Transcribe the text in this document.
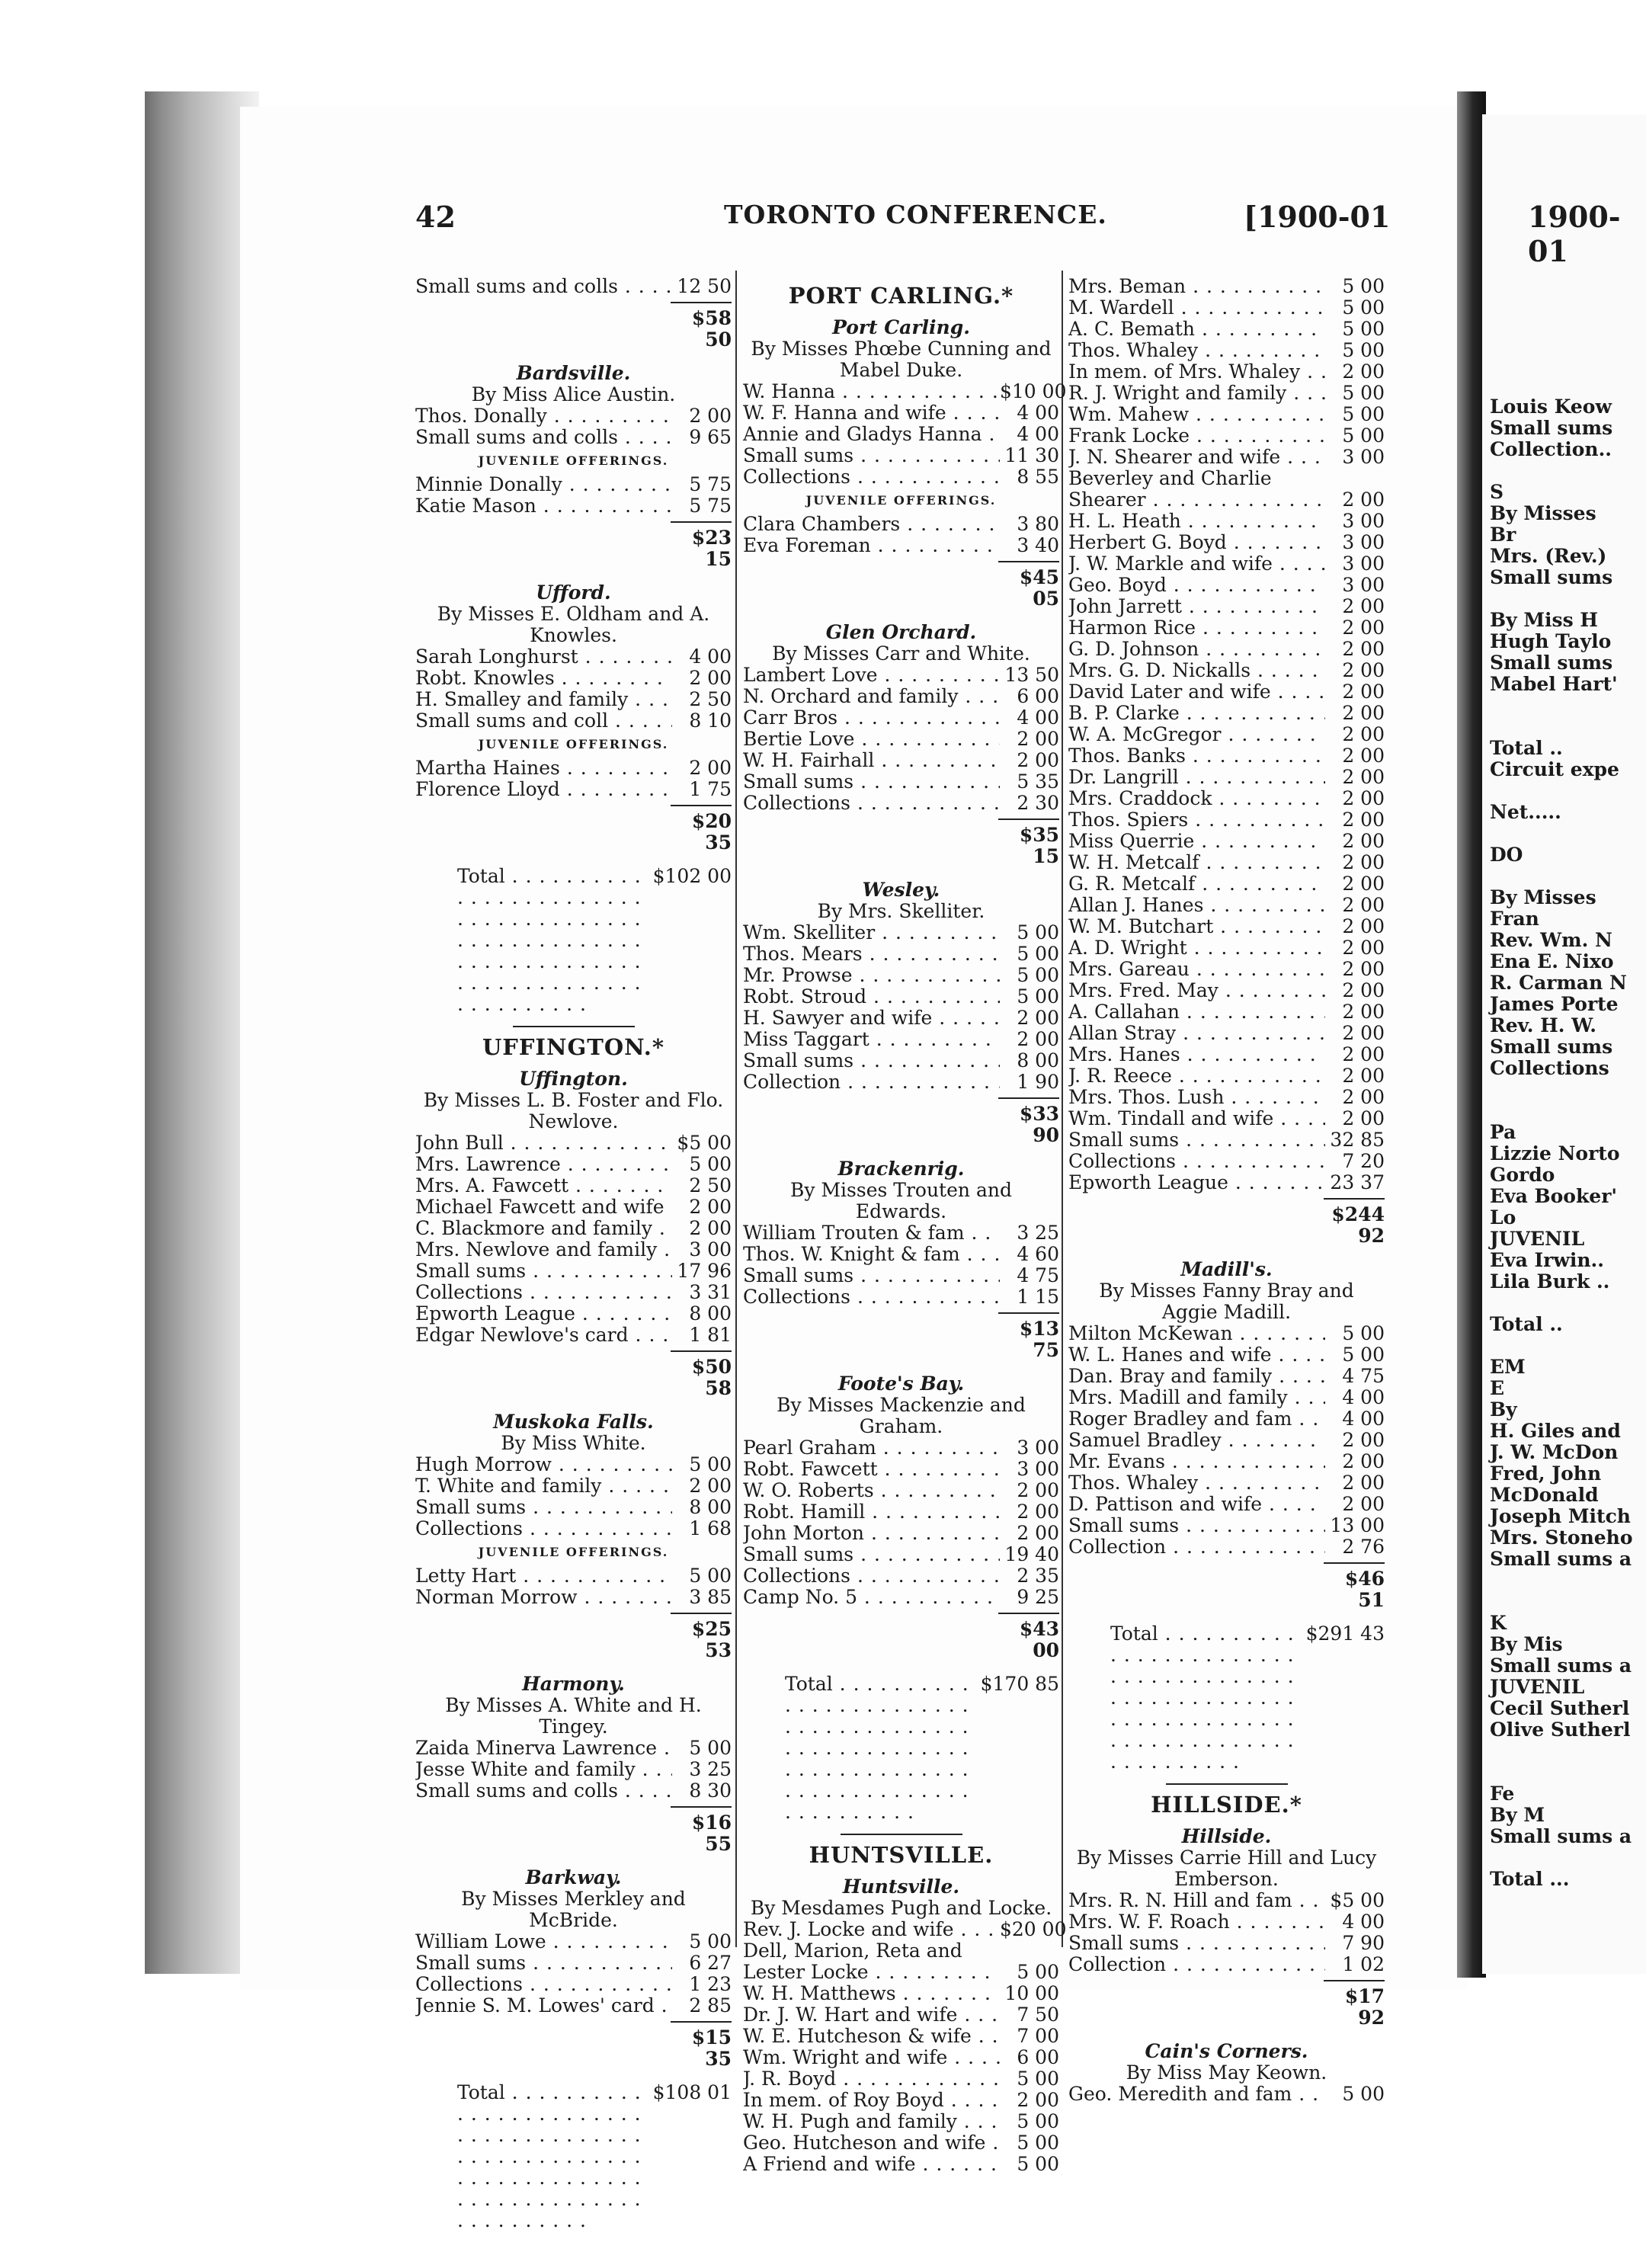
1900-01
Louis Keow
Small sums
Collection..

S
By Misses
Br
Mrs. (Rev.)
Small sums

By Miss H
Hugh Taylo
Small sums
Mabel Hart'

Total ..
Circuit expe

Net.....

DO

By Misses
Fran
Rev. Wm. N
Ena E. Nixo
R. Carman N
James Porte
Rev. H. W.
Small sums
Collections

Pa
Lizzie Norto
Gordo
Eva Booker'
Lo
JUVENIL
Eva Irwin..
Lila Burk ..

Total ..

EM
E
By
H. Giles and
J. W. McDon
Fred, John
McDonald
Joseph Mitch
Mrs. Stoneho
Small sums a

K
By Mis
Small sums a
JUVENIL
Cecil Sutherl
Olive Sutherl

Fe
By M
Small sums a

Total ...
42	TORONTO CONFERENCE.	[1900-01
Small sums and colls . . .	12 50
$58 50
Bardsville.
By Miss Alice Austin.
Thos. Donally . . .	2 00
Small sums and colls . . .	9 65
JUVENILE OFFERINGS.
Minnie Donally . . .	5 75
Katie Mason . . .	5 75
$23 15
Ufford.
By Misses E. Oldham and A. Knowles.
Sarah Longhurst . . .	4 00
Robt. Knowles . . .	2 00
H. Smalley and family . . .	2 50
Small sums and coll . . .	8 10
JUVENILE OFFERINGS.
Martha Haines . . .	2 00
Florence Lloyd . . .	1 75
$20 35
Total . . .	$102 00
UFFINGTON.*
Uffington.
By Misses L. B. Foster and Flo. Newlove.
John Bull . . .	$5 00
Mrs. Lawrence . . .	5 00
Mrs. A. Fawcett . . .	2 50
Michael Fawcett and wife . . .	2 00
C. Blackmore and family . . .	2 00
Mrs. Newlove and family . . .	3 00
Small sums . . .	17 96
Collections . . .	3 31
Epworth League . . .	8 00
Edgar Newlove's card . . .	1 81
$50 58
Muskoka Falls.
By Miss White.
Hugh Morrow . . .	5 00
T. White and family . . .	2 00
Small sums . . .	8 00
Collections . . .	1 68
JUVENILE OFFERINGS.
Letty Hart . . .	5 00
Norman Morrow . . .	3 85
$25 53
Harmony.
By Misses A. White and H. Tingey.
Zaida Minerva Lawrence . . .	5 00
Jesse White and family . . .	3 25
Small sums and colls . . .	8 30
$16 55
Barkway.
By Misses Merkley and McBride.
William Lowe . . .	5 00
Small sums . . .	6 27
Collections . . .	1 23
Jennie S. M. Lowes' card . . .	2 85
$15 35
Total . . .	$108 01
PORT CARLING.*
Port Carling.
By Misses Phœbe Cunning and Mabel Duke.
W. Hanna . . .	$10 00
W. F. Hanna and wife . . .	4 00
Annie and Gladys Hanna . . .	4 00
Small sums . . .	11 30
Collections . . .	8 55
JUVENILE OFFERINGS.
Clara Chambers . . .	3 80
Eva Foreman . . .	3 40
$45 05
Glen Orchard.
By Misses Carr and White.
Lambert Love . . .	13 50
N. Orchard and family . . .	6 00
Carr Bros . . .	4 00
Bertie Love . . .	2 00
W. H. Fairhall . . .	2 00
Small sums . . .	5 35
Collections . . .	2 30
$35 15
Wesley.
By Mrs. Skelliter.
Wm. Skelliter . . .	5 00
Thos. Mears . . .	5 00
Mr. Prowse . . .	5 00
Robt. Stroud . . .	5 00
H. Sawyer and wife . . .	2 00
Miss Taggart . . .	2 00
Small sums . . .	8 00
Collection . . .	1 90
$33 90
Brackenrig.
By Misses Trouten and Edwards.
William Trouten & fam . . .	3 25
Thos. W. Knight & fam . . .	4 60
Small sums . . .	4 75
Collections . . .	1 15
$13 75
Foote's Bay.
By Misses Mackenzie and Graham.
Pearl Graham . . .	3 00
Robt. Fawcett . . .	3 00
W. O. Roberts . . .	2 00
Robt. Hamill . . .	2 00
John Morton . . .	2 00
Small sums . . .	19 40
Collections . . .	2 35
Camp No. 5 . . .	9 25
$43 00
Total . . .	$170 85
HUNTSVILLE.
Huntsville.
By Mesdames Pugh and Locke.
Rev. J. Locke and wife . . .	$20 00
Dell, Marion, Reta and
Lester Locke . . .	5 00
W. H. Matthews . . .	10 00
Dr. J. W. Hart and wife . . .	7 50
W. E. Hutcheson & wife . . .	7 00
Wm. Wright and wife . . .	6 00
J. R. Boyd . . .	5 00
In mem. of Roy Boyd . . .	2 00
W. H. Pugh and family . . .	5 00
Geo. Hutcheson and wife . . .	5 00
A Friend and wife . . .	5 00
Mrs. Beman . . .	5 00
M. Wardell . . .	5 00
A. C. Bemath . . .	5 00
Thos. Whaley . . .	5 00
In mem. of Mrs. Whaley . . .	2 00
R. J. Wright and family . . .	5 00
Wm. Mahew . . .	5 00
Frank Locke . . .	5 00
J. N. Shearer and wife . . .	3 00
Beverley and Charlie
Shearer . . .	2 00
H. L. Heath . . .	3 00
Herbert G. Boyd . . .	3 00
J. W. Markle and wife . . .	3 00
Geo. Boyd . . .	3 00
John Jarrett . . .	2 00
Harmon Rice . . .	2 00
G. D. Johnson . . .	2 00
Mrs. G. D. Nickalls . . .	2 00
David Later and wife . . .	2 00
B. P. Clarke . . .	2 00
W. A. McGregor . . .	2 00
Thos. Banks . . .	2 00
Dr. Langrill . . .	2 00
Mrs. Craddock . . .	2 00
Thos. Spiers . . .	2 00
Miss Querrie . . .	2 00
W. H. Metcalf . . .	2 00
G. R. Metcalf . . .	2 00
Allan J. Hanes . . .	2 00
W. M. Butchart . . .	2 00
A. D. Wright . . .	2 00
Mrs. Gareau . . .	2 00
Mrs. Fred. May . . .	2 00
A. Callahan . . .	2 00
Allan Stray . . .	2 00
Mrs. Hanes . . .	2 00
J. R. Reece . . .	2 00
Mrs. Thos. Lush . . .	2 00
Wm. Tindall and wife . . .	2 00
Small sums . . .	32 85
Collections . . .	7 20
Epworth League . . .	23 37
$244 92
Madill's.
By Misses Fanny Bray and Aggie Madill.
Milton McKewan . . .	5 00
W. L. Hanes and wife . . .	5 00
Dan. Bray and family . . .	4 75
Mrs. Madill and family . . .	4 00
Roger Bradley and fam . . .	4 00
Samuel Bradley . . .	2 00
Mr. Evans . . .	2 00
Thos. Whaley . . .	2 00
D. Pattison and wife . . .	2 00
Small sums . . .	13 00
Collection . . .	2 76
$46 51
Total . . .	$291 43
HILLSIDE.*
Hillside.
By Misses Carrie Hill and Lucy Emberson.
Mrs. R. N. Hill and fam . . .	$5 00
Mrs. W. F. Roach . . .	4 00
Small sums . . .	7 90
Collection . . .	1 02
$17 92
Cain's Corners.
By Miss May Keown.
Geo. Meredith and fam . . .	5 00
